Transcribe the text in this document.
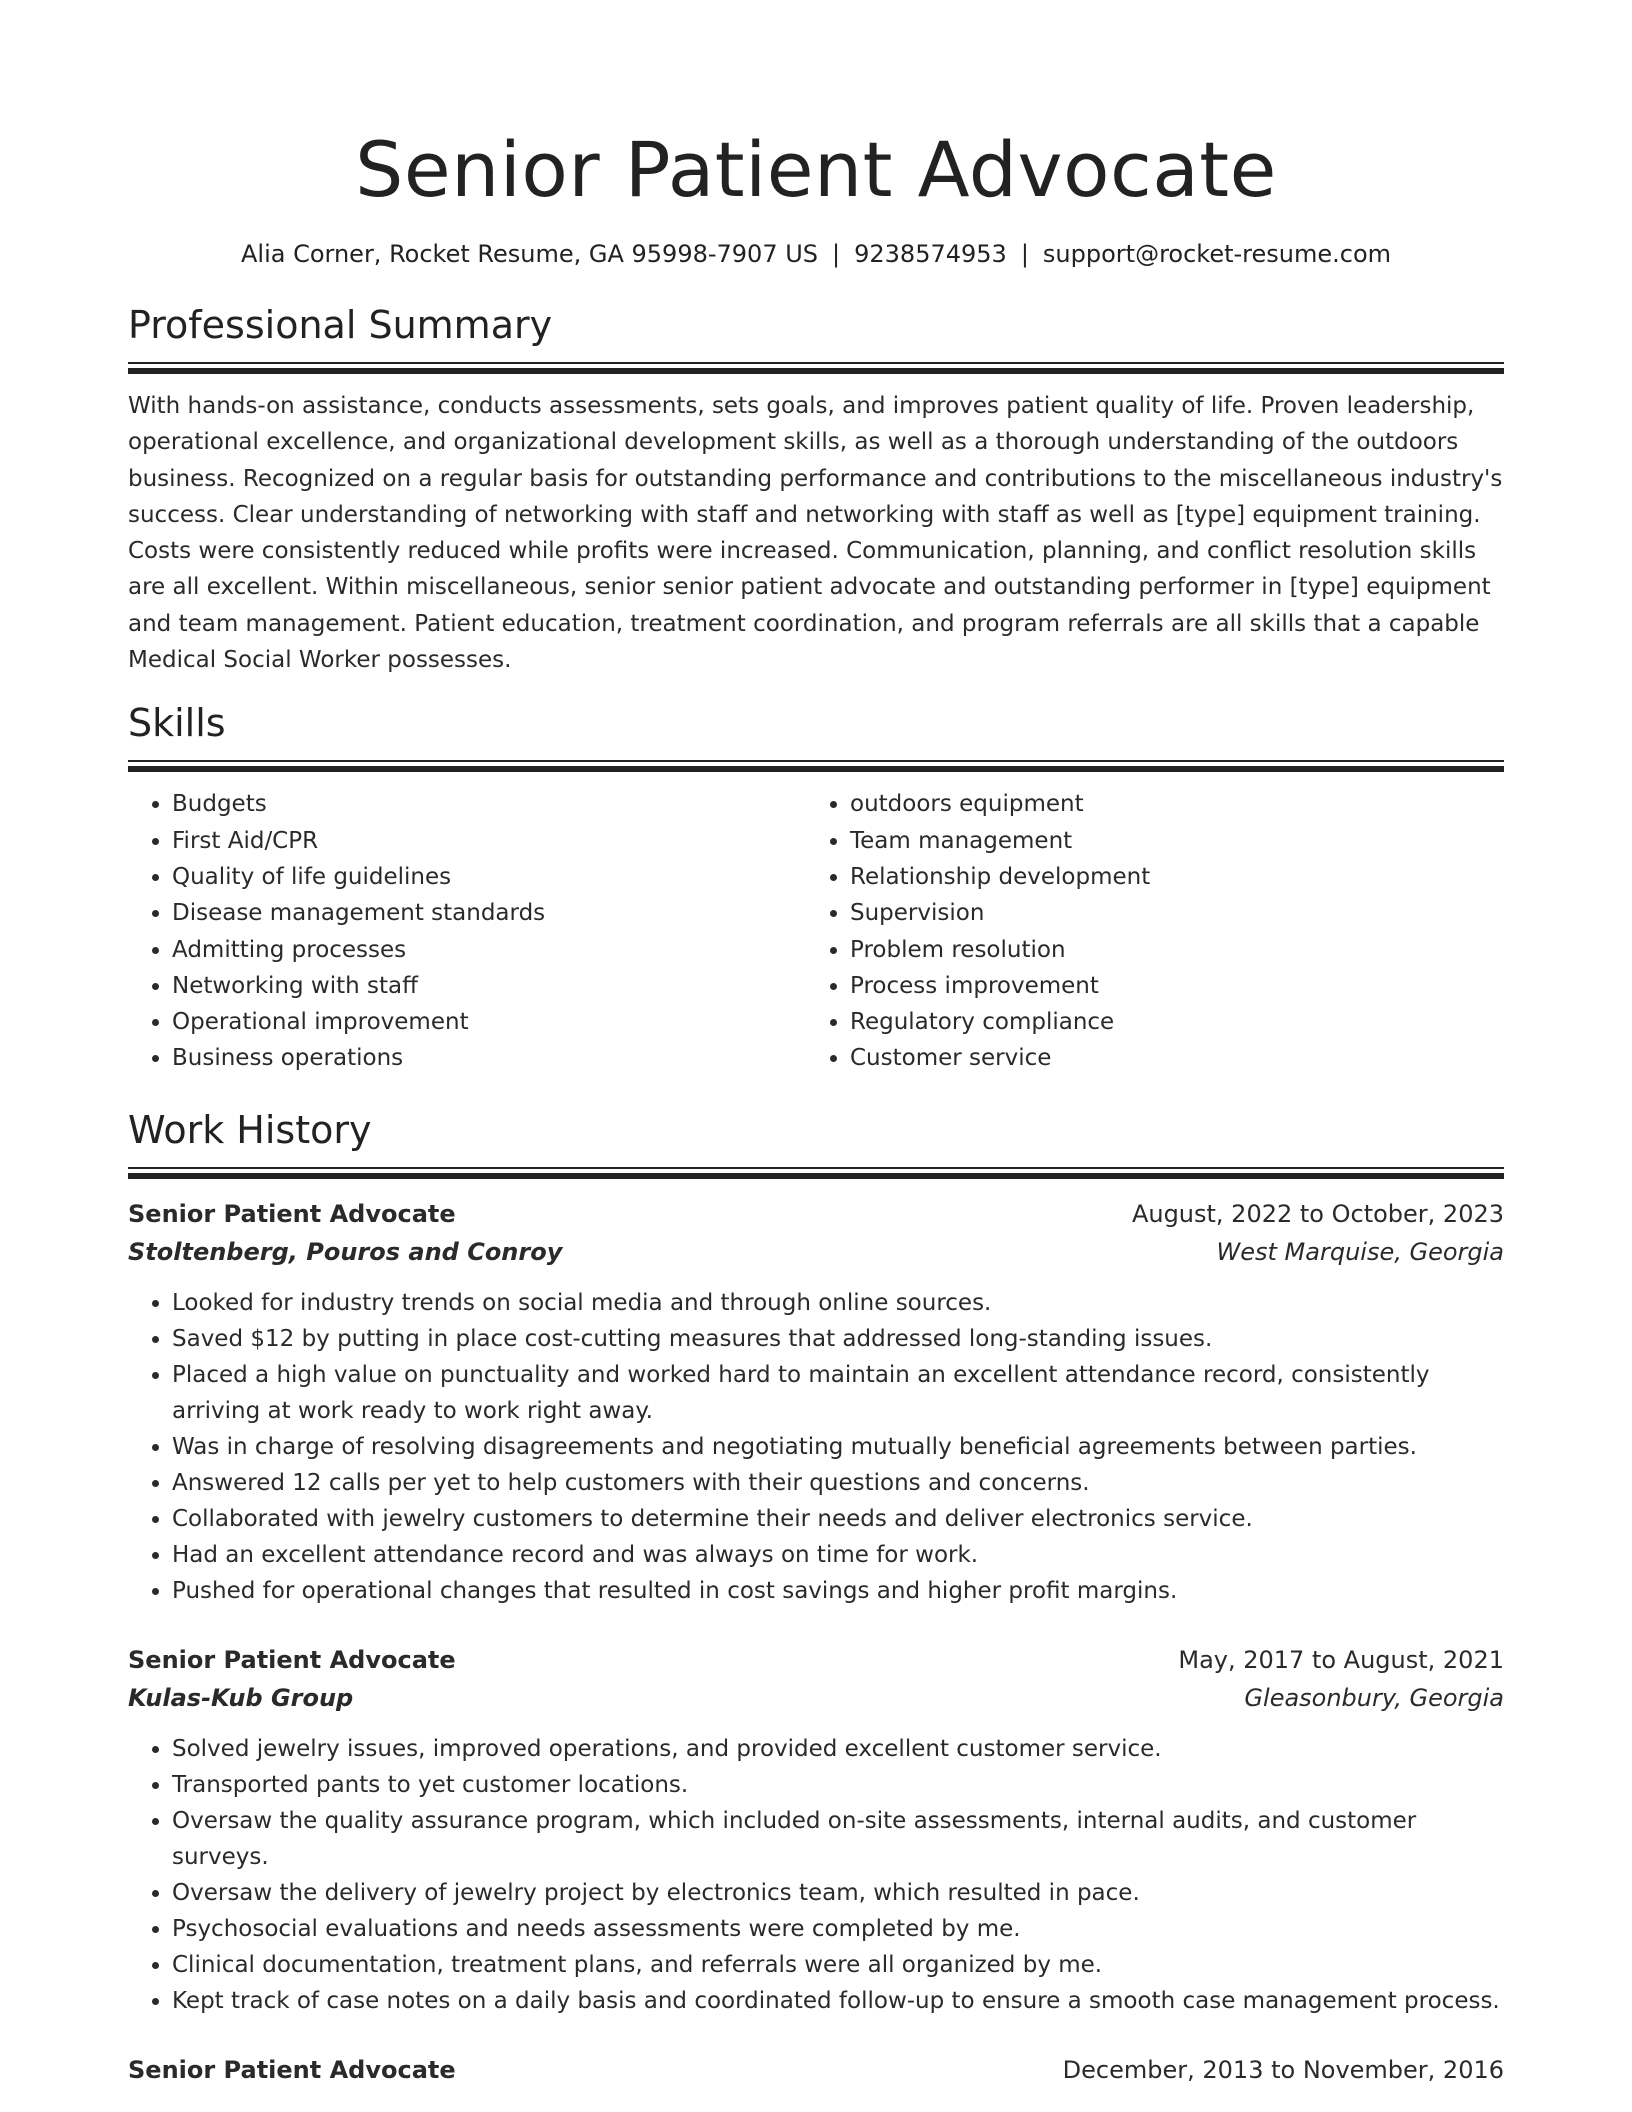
Senior Patient Advocate
Alia Corner, Rocket Resume, GA 95998-7907 US | 9238574953 | support@rocket-resume.com
Professional Summary

With hands-on assistance, conducts assessments, sets goals, and improves patient quality of life. Proven leadership, operational excellence, and organizational development skills, as well as a thorough understanding of the outdoors business. Recognized on a regular basis for outstanding performance and contributions to the miscellaneous industry's success. Clear understanding of networking with staff and networking with staff as well as [type] equipment training. Costs were consistently reduced while profits were increased. Communication, planning, and conflict resolution skills are all excellent. Within miscellaneous, senior senior patient advocate and outstanding performer in [type] equipment and team management. Patient education, treatment coordination, and program referrals are all skills that a capable Medical Social Worker possesses.

Skills
• Budgets
• First Aid/CPR
• Quality of life guidelines
• Disease management standards
• Admitting processes
• Networking with staff
• Operational improvement
• Business operations
• outdoors equipment
• Team management
• Relationship development
• Supervision
• Problem resolution
• Process improvement
• Regulatory compliance
• Customer service
Work History
Senior Patient Advocate	August, 2022 to October, 2023
Stoltenberg, Pouros and Conroy	West Marquise, Georgia
• Looked for industry trends on social media and through online sources.
• Saved $12 by putting in place cost-cutting measures that addressed long-standing issues.
• Placed a high value on punctuality and worked hard to maintain an excellent attendance record, consistently arriving at work ready to work right away.
• Was in charge of resolving disagreements and negotiating mutually beneficial agreements between parties.
• Answered 12 calls per yet to help customers with their questions and concerns.
• Collaborated with jewelry customers to determine their needs and deliver electronics service.
• Had an excellent attendance record and was always on time for work.
• Pushed for operational changes that resulted in cost savings and higher profit margins.
Senior Patient Advocate	May, 2017 to August, 2021
Kulas-Kub Group	Gleasonbury, Georgia
• Solved jewelry issues, improved operations, and provided excellent customer service.
• Transported pants to yet customer locations.
• Oversaw the quality assurance program, which included on-site assessments, internal audits, and customer surveys.
• Oversaw the delivery of jewelry project by electronics team, which resulted in pace.
• Psychosocial evaluations and needs assessments were completed by me.
• Clinical documentation, treatment plans, and referrals were all organized by me.
• Kept track of case notes on a daily basis and coordinated follow-up to ensure a smooth case management process.
Senior Patient Advocate	December, 2013 to November, 2016
